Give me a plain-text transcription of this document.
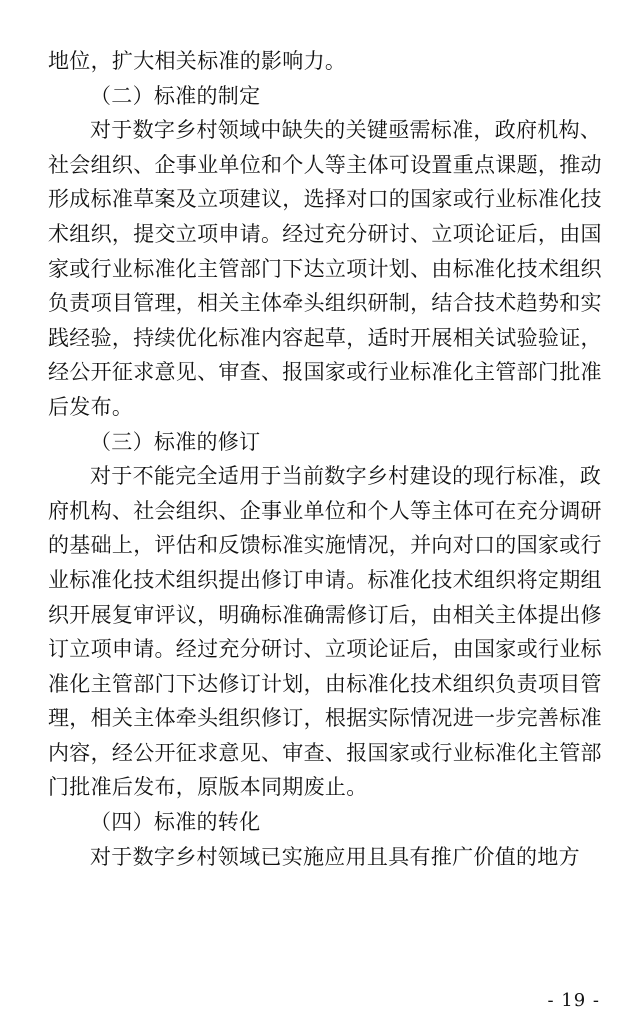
地位，扩大相关标准的影响力。
（二）标准的制定
对于数字乡村领域中缺失的关键亟需标准，政府机构、
社会组织、企事业单位和个人等主体可设置重点课题，推动
形成标准草案及立项建议，选择对口的国家或行业标准化技
术组织，提交立项申请。经过充分研讨、立项论证后，由国
家或行业标准化主管部门下达立项计划、由标准化技术组织
负责项目管理，相关主体牵头组织研制，结合技术趋势和实
践经验，持续优化标准内容起草，适时开展相关试验验证，
经公开征求意见、审查、报国家或行业标准化主管部门批准
后发布。
（三）标准的修订
对于不能完全适用于当前数字乡村建设的现行标准，政
府机构、社会组织、企事业单位和个人等主体可在充分调研
的基础上，评估和反馈标准实施情况，并向对口的国家或行
业标准化技术组织提出修订申请。标准化技术组织将定期组
织开展复审评议，明确标准确需修订后，由相关主体提出修
订立项申请。经过充分研讨、立项论证后，由国家或行业标
准化主管部门下达修订计划，由标准化技术组织负责项目管
理，相关主体牵头组织修订，根据实际情况进一步完善标准
内容，经公开征求意见、审查、报国家或行业标准化主管部
门批准后发布，原版本同期废止。
（四）标准的转化
对于数字乡村领域已实施应用且具有推广价值的地方
- 19 -
